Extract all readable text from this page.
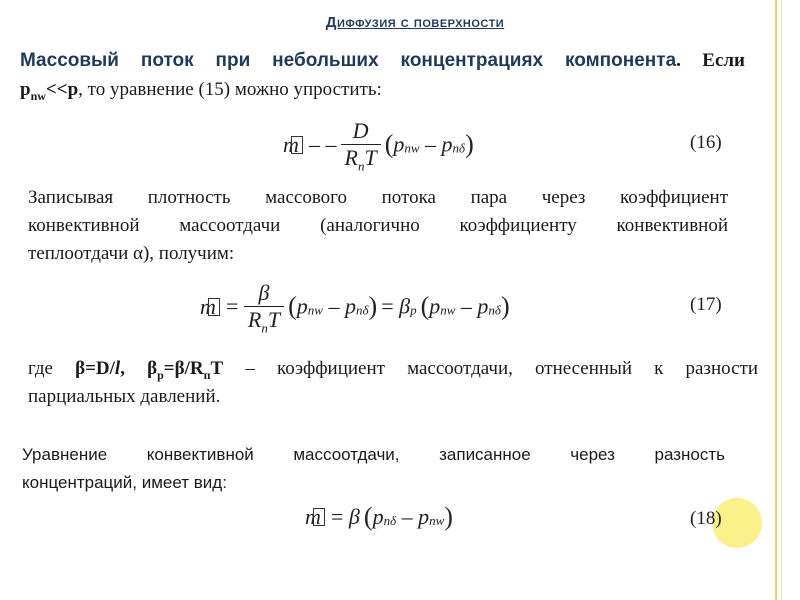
Диффузия с поверхности
Массовый поток при небольших концентрациях компонента. Если
$p_{nw}<<p$, то уравнение (15) можно упростить:
m – – $\frac{D}{R_пT} (p_{nw} - p_{n\delta})$	(16)
Записывая плотность массового потока пара через коэффициент
конвективной массоотдачи (аналогично коэффициенту конвективной
теплоотдачи α), получим:
$m = \frac{\beta}{R_пT} (p_{nw} - p_{n\delta}) = \beta_p$ $(p_{nw} - p_{n\delta})$	(17)
где β=D/l, $\beta_p=\beta/R_пT$ – коэффициент массоотдачи, отнесенный к разности
парциальных давлений.
Уравнение конвективной массоотдачи, записанное через разность
концентраций, имеет вид:
m = β $(p_{n\delta} - p_{nw})$	(18)
